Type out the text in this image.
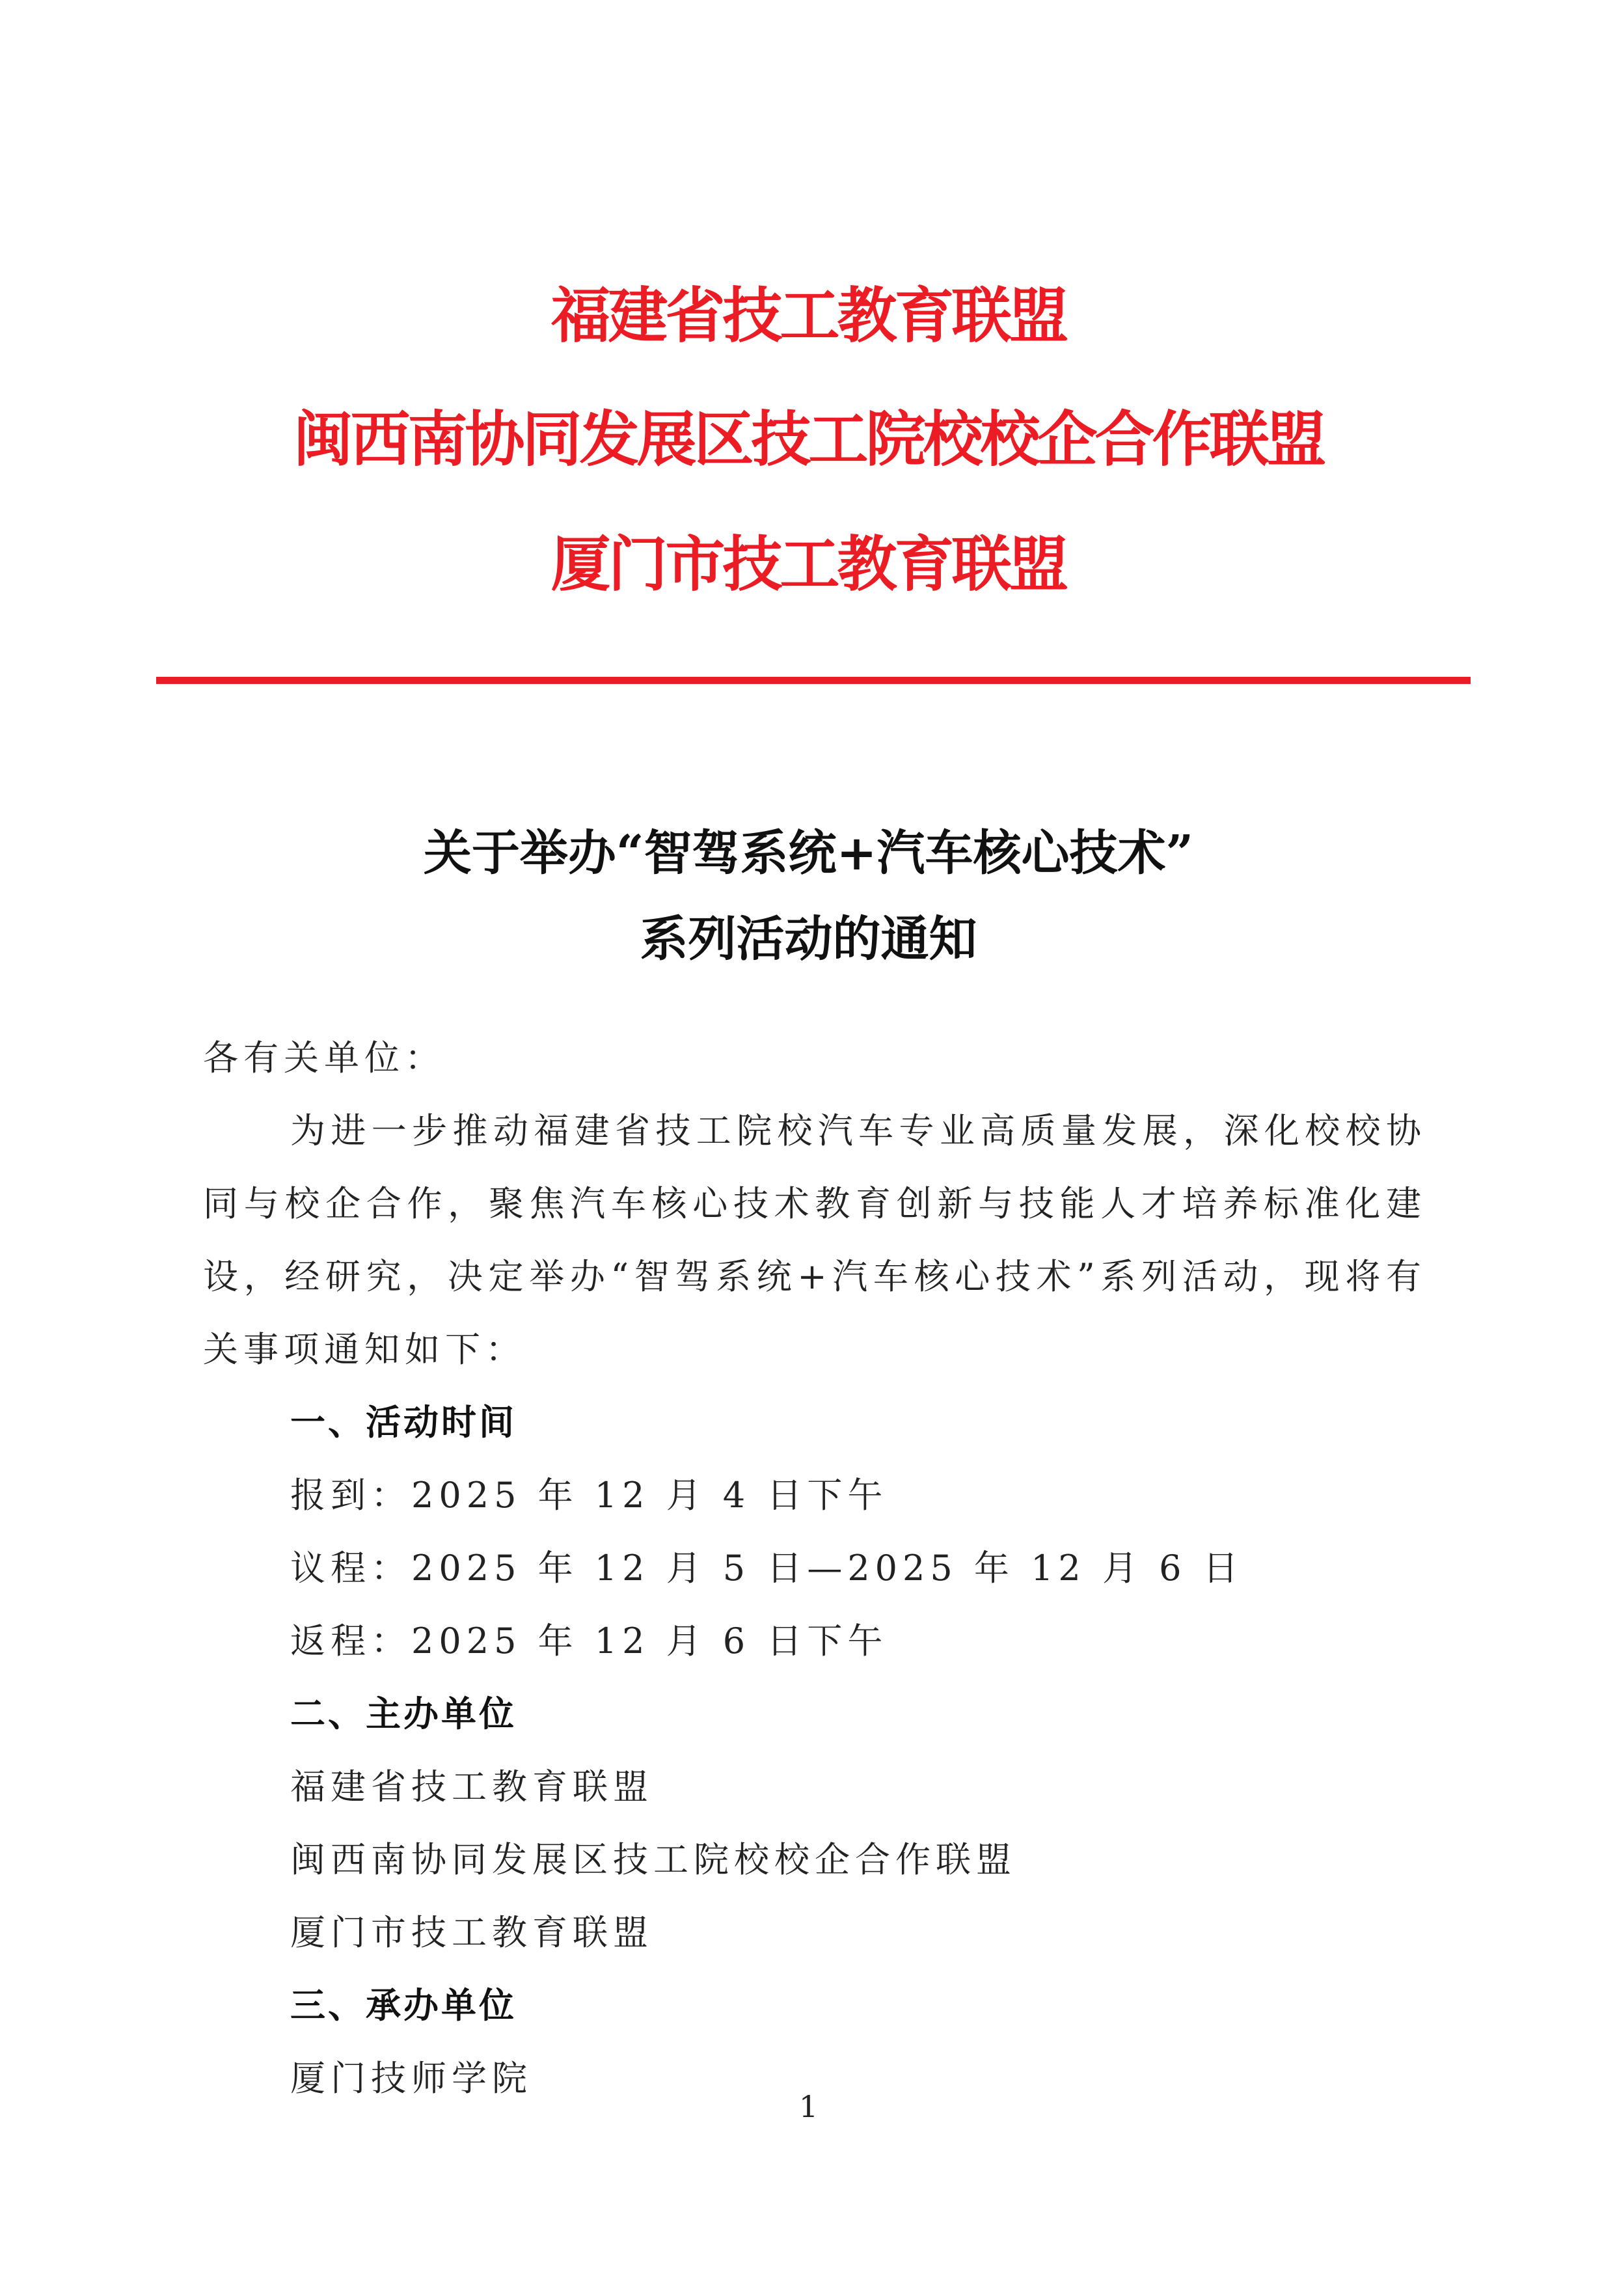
福建省技工教育联盟
闽西南协同发展区技工院校校企合作联盟
厦门市技工教育联盟
关于举办“智驾系统+汽车核心技术”
系列活动的通知
各有关单位：
为进一步推动福建省技工院校汽车专业高质量发展，深化校校协同与校企合作，聚焦汽车核心技术教育创新与技能人才培养标准化建设，经研究，决定举办“智驾系统+汽车核心技术”系列活动，现将有关事项通知如下：
一、活动时间
报到：2025 年 12 月 4 日下午
议程：2025 年 12 月 5 日—2025 年 12 月 6 日
返程：2025 年 12 月 6 日下午
二、主办单位
福建省技工教育联盟
闽西南协同发展区技工院校校企合作联盟
厦门市技工教育联盟
三、承办单位
厦门技师学院
1
